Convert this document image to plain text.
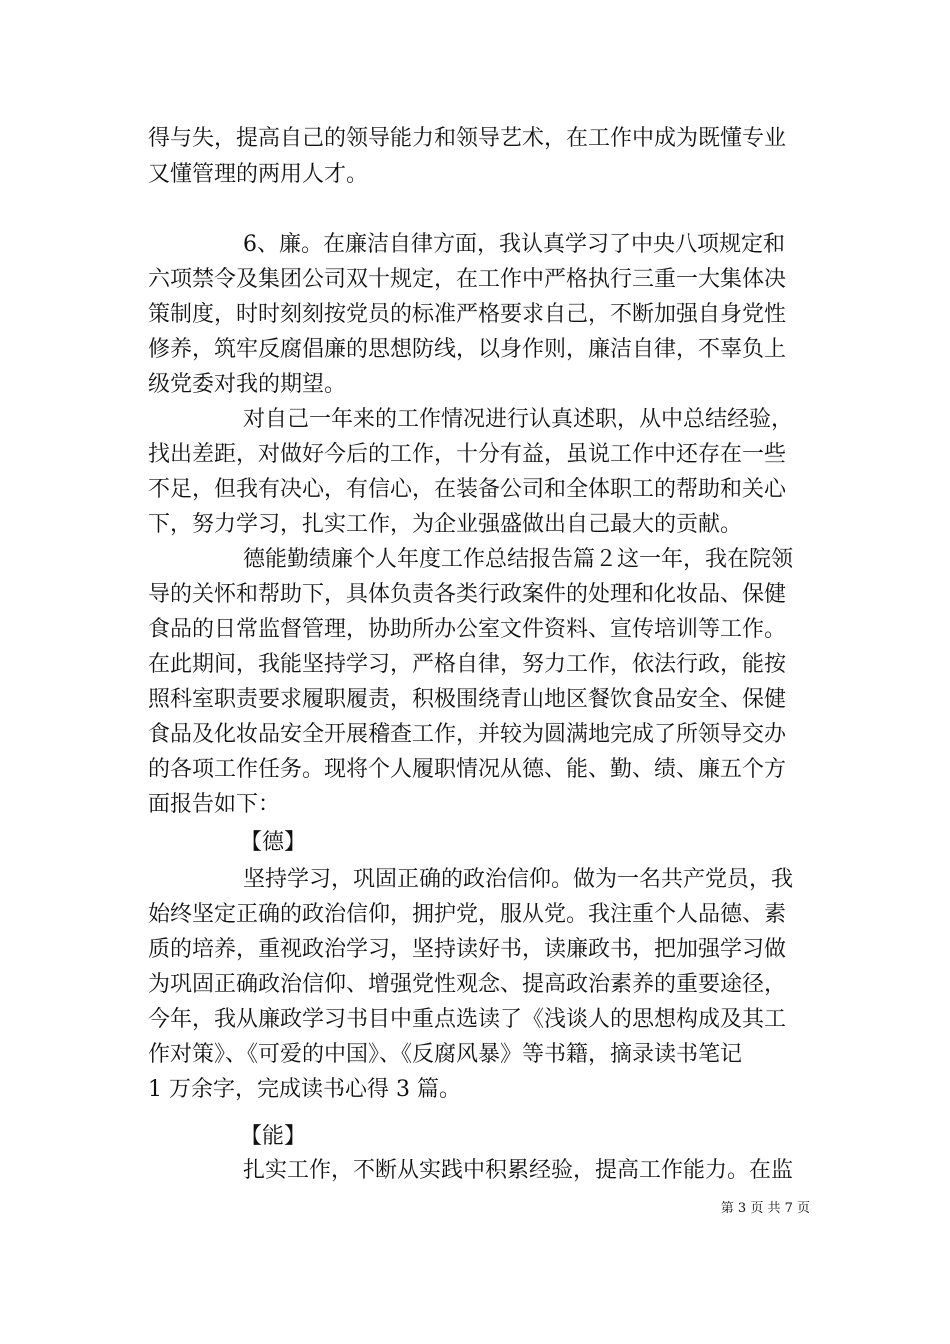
得与失，提高自己的领导能力和领导艺术，在工作中成为既懂专业
又懂管理的两用人才。
6、廉。在廉洁自律方面，我认真学习了中央八项规定和
六项禁令及集团公司双十规定，在工作中严格执行三重一大集体决
策制度，时时刻刻按党员的标准严格要求自己，不断加强自身党性
修养，筑牢反腐倡廉的思想防线，以身作则，廉洁自律，不辜负上
级党委对我的期望。
对自己一年来的工作情况进行认真述职，从中总结经验，
找出差距，对做好今后的工作，十分有益，虽说工作中还存在一些
不足，但我有决心，有信心，在装备公司和全体职工的帮助和关心
下，努力学习，扎实工作，为企业强盛做出自己最大的贡献。
德能勤绩廉个人年度工作总结报告篇２这一年，我在院领
导的关怀和帮助下，具体负责各类行政案件的处理和化妆品、保健
食品的日常监督管理，协助所办公室文件资料、宣传培训等工作。
在此期间，我能坚持学习，严格自律，努力工作，依法行政，能按
照科室职责要求履职履责，积极围绕青山地区餐饮食品安全、保健
食品及化妆品安全开展稽查工作，并较为圆满地完成了所领导交办
的各项工作任务。现将个人履职情况从德、能、勤、绩、廉五个方
面报告如下：
【德】
坚持学习，巩固正确的政治信仰。做为一名共产党员，我
始终坚定正确的政治信仰，拥护党，服从党。我注重个人品德、素
质的培养，重视政治学习，坚持读好书，读廉政书，把加强学习做
为巩固正确政治信仰、增强党性观念、提高政治素养的重要途径，
今年，我从廉政学习书目中重点选读了《浅谈人的思想构成及其工
作对策》、《可爱的中国》、《反腐风暴》等书籍，摘录读书笔记
1 万余字，完成读书心得 3 篇。
【能】
扎实工作，不断从实践中积累经验，提高工作能力。在监
第 3 页 共 7 页
